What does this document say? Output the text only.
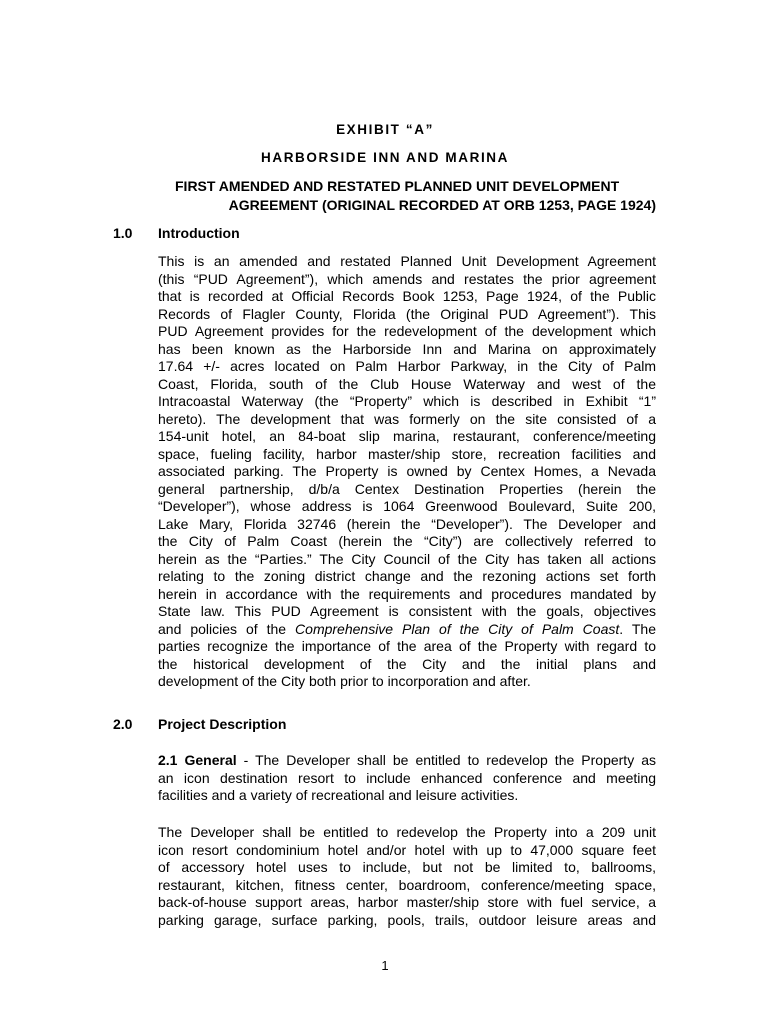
EXHIBIT “A”
HARBORSIDE INN AND MARINA
FIRST AMENDED AND RESTATED PLANNED UNIT DEVELOPMENT
AGREEMENT (ORIGINAL RECORDED AT ORB 1253, PAGE 1924)
1.0 Introduction
This is an amended and restated Planned Unit Development Agreement
(this “PUD Agreement”), which amends and restates the prior agreement
that is recorded at Official Records Book 1253, Page 1924, of the Public
Records of Flagler County, Florida (the Original PUD Agreement”). This
PUD Agreement provides for the redevelopment of the development which
has been known as the Harborside Inn and Marina on approximately
17.64 +/- acres located on Palm Harbor Parkway, in the City of Palm
Coast, Florida, south of the Club House Waterway and west of the
Intracoastal Waterway (the “Property” which is described in Exhibit “1”
hereto). The development that was formerly on the site consisted of a
154-unit hotel, an 84-boat slip marina, restaurant, conference/meeting
space, fueling facility, harbor master/ship store, recreation facilities and
associated parking. The Property is owned by Centex Homes, a Nevada
general partnership, d/b/a Centex Destination Properties (herein the
“Developer”), whose address is 1064 Greenwood Boulevard, Suite 200,
Lake Mary, Florida 32746 (herein the “Developer”). The Developer and
the City of Palm Coast (herein the “City”) are collectively referred to
herein as the “Parties.” The City Council of the City has taken all actions
relating to the zoning district change and the rezoning actions set forth
herein in accordance with the requirements and procedures mandated by
State law. This PUD Agreement is consistent with the goals, objectives
and policies of the Comprehensive Plan of the City of Palm Coast. The
parties recognize the importance of the area of the Property with regard to
the historical development of the City and the initial plans and
development of the City both prior to incorporation and after.
2.0 Project Description
2.1 General - The Developer shall be entitled to redevelop the Property as
an icon destination resort to include enhanced conference and meeting
facilities and a variety of recreational and leisure activities.
The Developer shall be entitled to redevelop the Property into a 209 unit
icon resort condominium hotel and/or hotel with up to 47,000 square feet
of accessory hotel uses to include, but not be limited to, ballrooms,
restaurant, kitchen, fitness center, boardroom, conference/meeting space,
back-of-house support areas, harbor master/ship store with fuel service, a
parking garage, surface parking, pools, trails, outdoor leisure areas and
1
